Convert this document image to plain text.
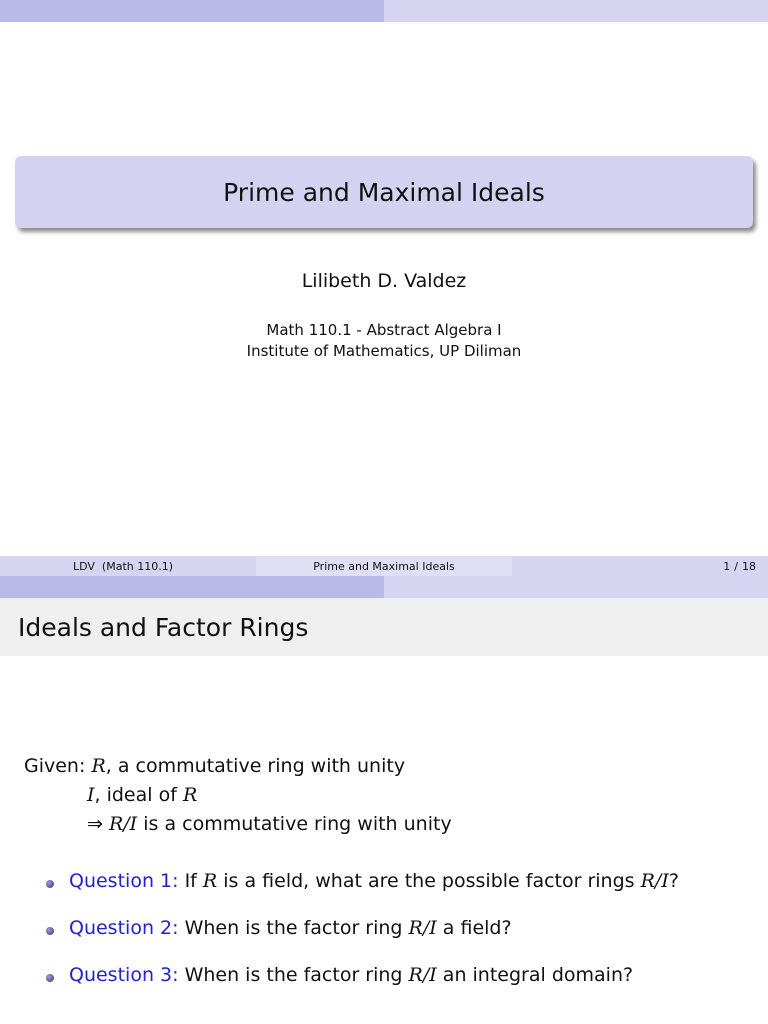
Prime and Maximal Ideals
Lilibeth D. Valdez
Math 110.1 - Abstract Algebra I
Institute of Mathematics, UP Diliman
LDV  (Math 110.1)	Prime and Maximal Ideals	1 / 18
Ideals and Factor Rings
Given: R, a commutative ring with unity
I, ideal of R
⇒ R/I is a commutative ring with unity
Question 1: If R is a field, what are the possible factor rings R/I?
Question 2: When is the factor ring R/I a field?
Question 3: When is the factor ring R/I an integral domain?
